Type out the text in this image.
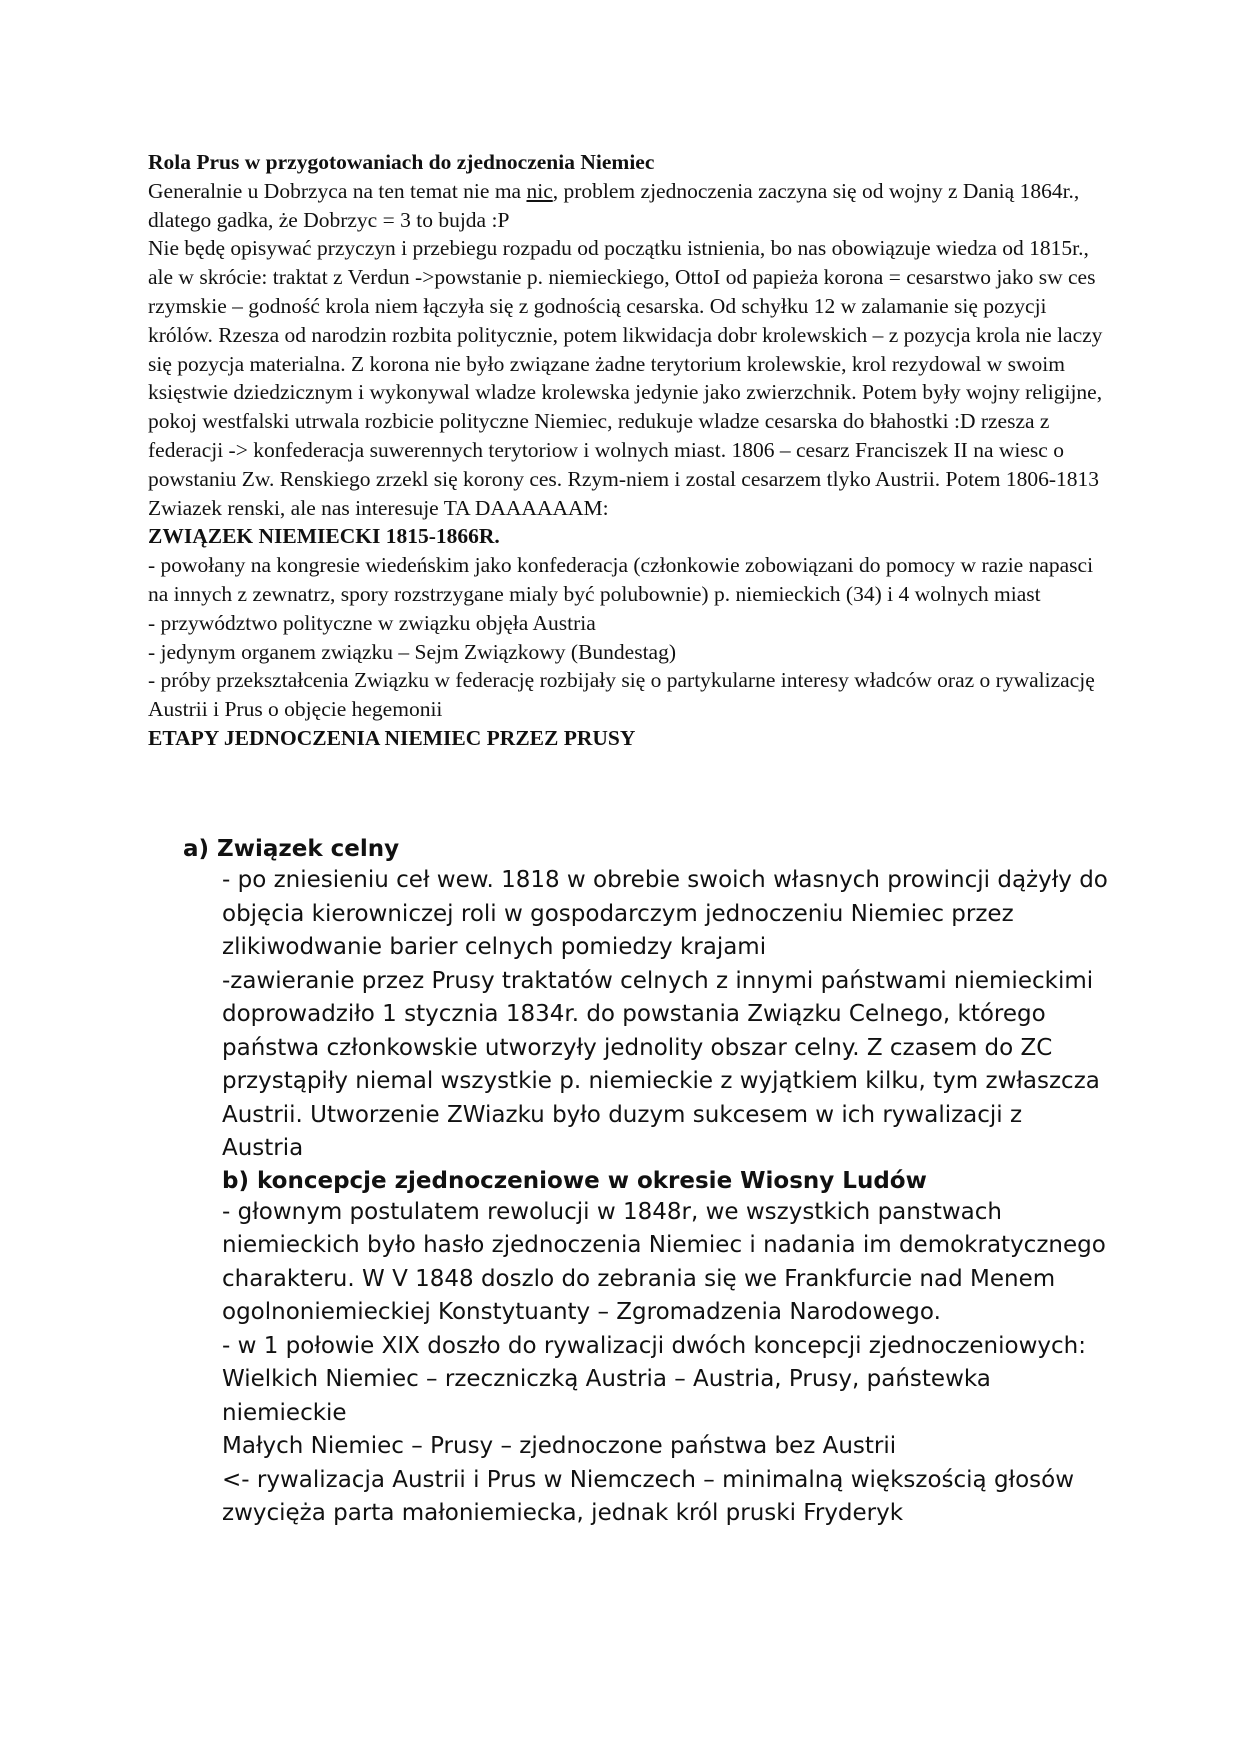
Rola Prus w przygotowaniach do zjednoczenia Niemiec

Generalnie u Dobrzyca na ten temat nie ma nic, problem zjednoczenia zaczyna się od wojny z Danią 1864r., dlatego gadka, że Dobrzyc = 3 to bujda :P

Nie będę opisywać przyczyn i przebiegu rozpadu od początku istnienia, bo nas obowiązuje wiedza od 1815r., ale w skrócie: traktat z Verdun ->powstanie p. niemieckiego, OttoI od papieża korona = cesarstwo jako sw ces rzymskie – godność krola niem łączyła się z godnością cesarska. Od schyłku 12 w zalamanie się pozycji królów. Rzesza od narodzin rozbita politycznie, potem likwidacja dobr krolewskich – z pozycja krola nie laczy się pozycja materialna. Z korona nie było związane żadne terytorium krolewskie, krol rezydowal w swoim księstwie dziedzicznym i wykonywal wladze krolewska jedynie jako zwierzchnik. Potem były wojny religijne, pokoj westfalski utrwala rozbicie polityczne Niemiec, redukuje wladze cesarska do błahostki :D rzesza z federacji -> konfederacja suwerennych terytoriow i wolnych miast. 1806 – cesarz Franciszek II na wiesc o powstaniu Zw. Renskiego zrzekl się korony ces. Rzym-niem i zostal cesarzem tlyko Austrii. Potem 1806-1813 Zwiazek renski, ale nas interesuje TA DAAAAAAM:

ZWIĄZEK NIEMIECKI 1815-1866R.

- powołany na kongresie wiedeńskim jako konfederacja (członkowie zobowiązani do pomocy w razie napasci na innych z zewnatrz, spory rozstrzygane mialy być polubownie) p. niemieckich (34) i 4 wolnych miast

- przywództwo polityczne w związku objęła Austria

- jedynym organem związku – Sejm Związkowy (Bundestag)

- próby przekształcenia Związku w federację rozbijały się o partykularne interesy władców oraz o rywalizację Austrii i Prus o objęcie hegemonii

ETAPY JEDNOCZENIA NIEMIEC PRZEZ PRUSY

a) Związek celny

- po zniesieniu ceł wew. 1818 w obrebie swoich własnych prowincji dążyły do objęcia kierowniczej roli w gospodarczym jednoczeniu Niemiec przez zlikiwodwanie barier celnych pomiedzy krajami

-zawieranie przez Prusy traktatów celnych z innymi państwami niemieckimi doprowadziło 1 stycznia 1834r. do powstania Związku Celnego, którego państwa członkowskie utworzyły jednolity obszar celny. Z czasem do ZC przystąpiły niemal wszystkie p. niemieckie z wyjątkiem kilku, tym zwłaszcza Austrii. Utworzenie ZWiazku było duzym sukcesem w ich rywalizacji z Austria

b) koncepcje zjednoczeniowe w okresie Wiosny Ludów

- głownym postulatem rewolucji w 1848r, we wszystkich panstwach niemieckich było hasło zjednoczenia Niemiec i nadania im demokratycznego charakteru. W V 1848 doszlo do zebrania się we Frankfurcie nad Menem ogolnoniemieckiej Konstytuanty – Zgromadzenia Narodowego.

- w 1 połowie XIX doszło do rywalizacji dwóch koncepcji zjednoczeniowych:

Wielkich Niemiec – rzeczniczką Austria – Austria, Prusy, państewka niemieckie

Małych Niemiec – Prusy – zjednoczone państwa bez Austrii

<- rywalizacja Austrii i Prus w Niemczech – minimalną większością głosów zwycięża parta małoniemiecka, jednak król pruski Fryderyk
